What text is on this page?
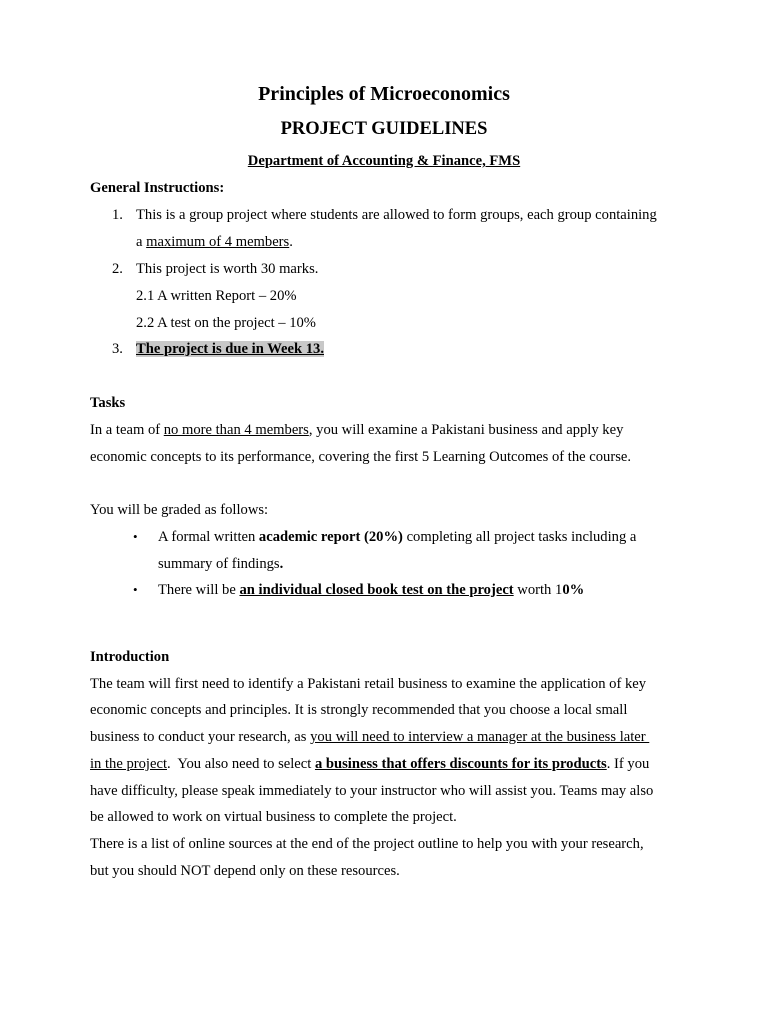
Principles of Microeconomics
PROJECT GUIDELINES
Department of Accounting & Finance, FMS
General Instructions:
1. This is a group project where students are allowed to form groups, each group containing
a maximum of 4 members.
2. This project is worth 30 marks.
2.1 A written Report – 20%
2.2 A test on the project – 10%
3. The project is due in Week 13.
Tasks
In a team of no more than 4 members, you will examine a Pakistani business and apply key
economic concepts to its performance, covering the first 5 Learning Outcomes of the course.
You will be graded as follows:
• A formal written academic report (20%) completing all project tasks including a
summary of findings.
• There will be an individual closed book test on the project worth 10%
Introduction
The team will first need to identify a Pakistani retail business to examine the application of key
economic concepts and principles. It is strongly recommended that you choose a local small
business to conduct your research, as you will need to interview a manager at the business later
in the project.  You also need to select a business that offers discounts for its products. If you
have difficulty, please speak immediately to your instructor who will assist you. Teams may also
be allowed to work on virtual business to complete the project.
There is a list of online sources at the end of the project outline to help you with your research,
but you should NOT depend only on these resources.
